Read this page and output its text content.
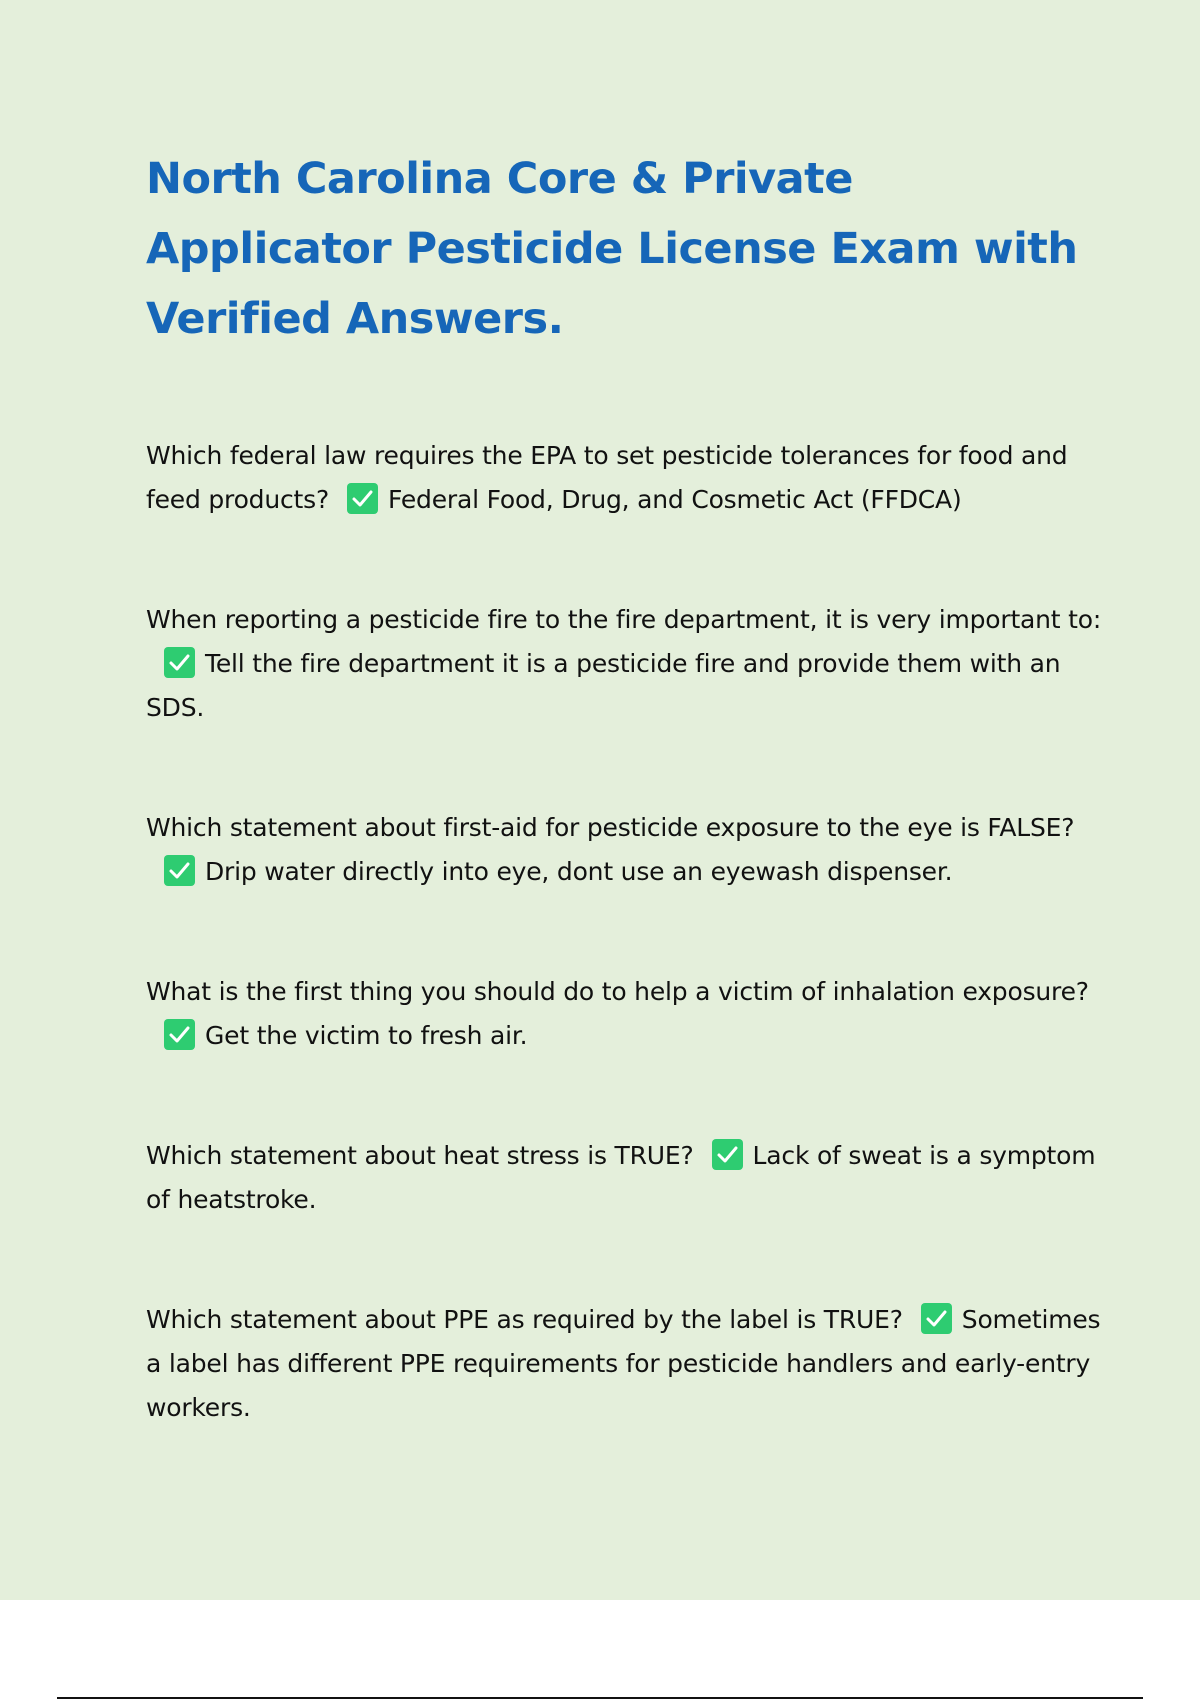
North Carolina Core & Private Applicator Pesticide License Exam with Verified Answers.
Which federal law requires the EPA to set pesticide tolerances for food and feed products? Federal Food, Drug, and Cosmetic Act (FFDCA)
When reporting a pesticide fire to the fire department, it is very important to:
Tell the fire department it is a pesticide fire and provide them with an SDS.
Which statement about first-aid for pesticide exposure to the eye is FALSE?
Drip water directly into eye, dont use an eyewash dispenser.
What is the first thing you should do to help a victim of inhalation exposure?
Get the victim to fresh air.
Which statement about heat stress is TRUE? Lack of sweat is a symptom of heatstroke.
Which statement about PPE as required by the label is TRUE? Sometimes a label has different PPE requirements for pesticide handlers and early-entry workers.
